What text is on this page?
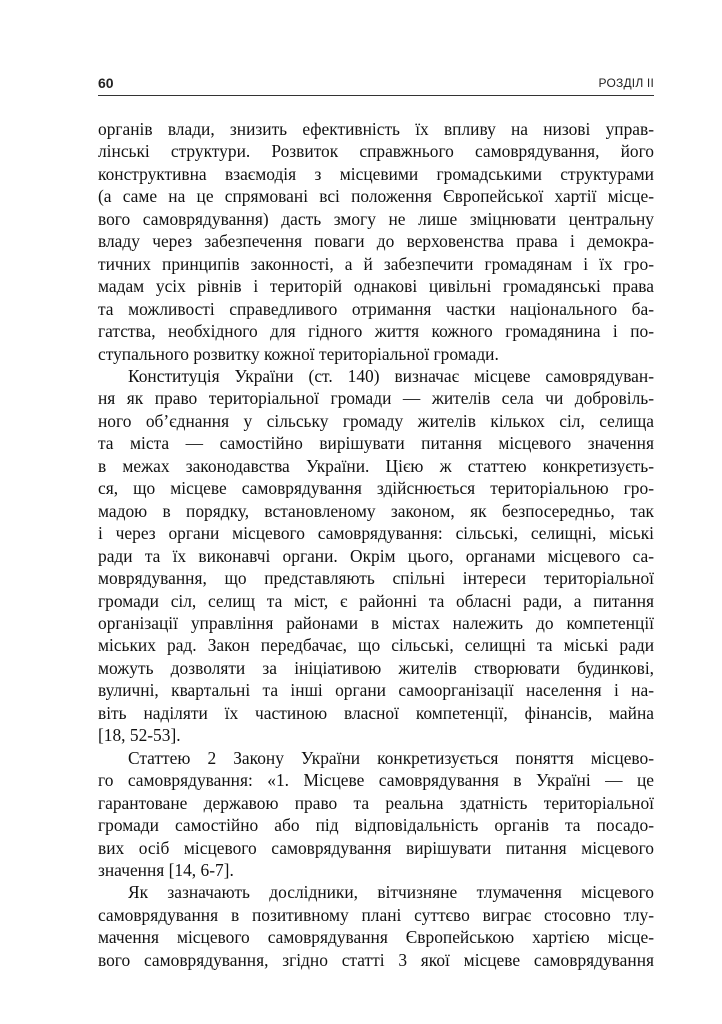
60	РОЗДІЛ ІІ

органів влади, знизить ефективність їх впливу на низові управ-
лінські структури. Розвиток справжнього самоврядування, його
конструктивна взаємодія з місцевими громадськими структурами
(а саме на це спрямовані всі положення Європейської хартії місце-
вого самоврядування) дасть змогу не лише зміцнювати центральну
владу через забезпечення поваги до верховенства права і демокра-
тичних принципів законності, а й забезпечити громадянам і їх гро-
мадам усіх рівнів і територій однакові цивільні громадянські права
та можливості справедливого отримання частки національного ба-
гатства, необхідного для гідного життя кожного громадянина і по-
ступального розвитку кожної територіальної громади.

Конституція України (ст. 140) визначає місцеве самоврядуван-
ня як право територіальної громади — жителів села чи добровіль-
ного об’єднання у сільську громаду жителів кількох сіл, селища
та міста — самостійно вирішувати питання місцевого значення
в межах законодавства України. Цією ж статтею конкретизуєть-
ся, що місцеве самоврядування здійснюється територіальною гро-
мадою в порядку, встановленому законом, як безпосередньо, так
і через органи місцевого самоврядування: сільські, селищні, міські
ради та їх виконавчі органи. Окрім цього, органами місцевого са-
моврядування, що представляють спільні інтереси територіальної
громади сіл, селищ та міст, є районні та обласні ради, а питання
організації управління районами в містах належить до компетенції
міських рад. Закон передбачає, що сільські, селищні та міські ради
можуть дозволяти за ініціативою жителів створювати будинкові,
вуличні, квартальні та інші органи самоорганізації населення і на-
віть наділяти їх частиною власної компетенції, фінансів, майна
[18, 52-53].

Статтею 2 Закону України конкретизується поняття місцево-
го самоврядування: «1. Місцеве самоврядування в Україні — це
гарантоване державою право та реальна здатність територіальної
громади самостійно або під відповідальність органів та посадо-
вих осіб місцевого самоврядування вирішувати питання місцевого
значення [14, 6-7].

Як зазначають дослідники, вітчизняне тлумачення місцевого
самоврядування в позитивному плані суттєво виграє стосовно тлу-
мачення місцевого самоврядування Європейською хартією місце-
вого самоврядування, згідно статті 3 якої місцеве самоврядування
